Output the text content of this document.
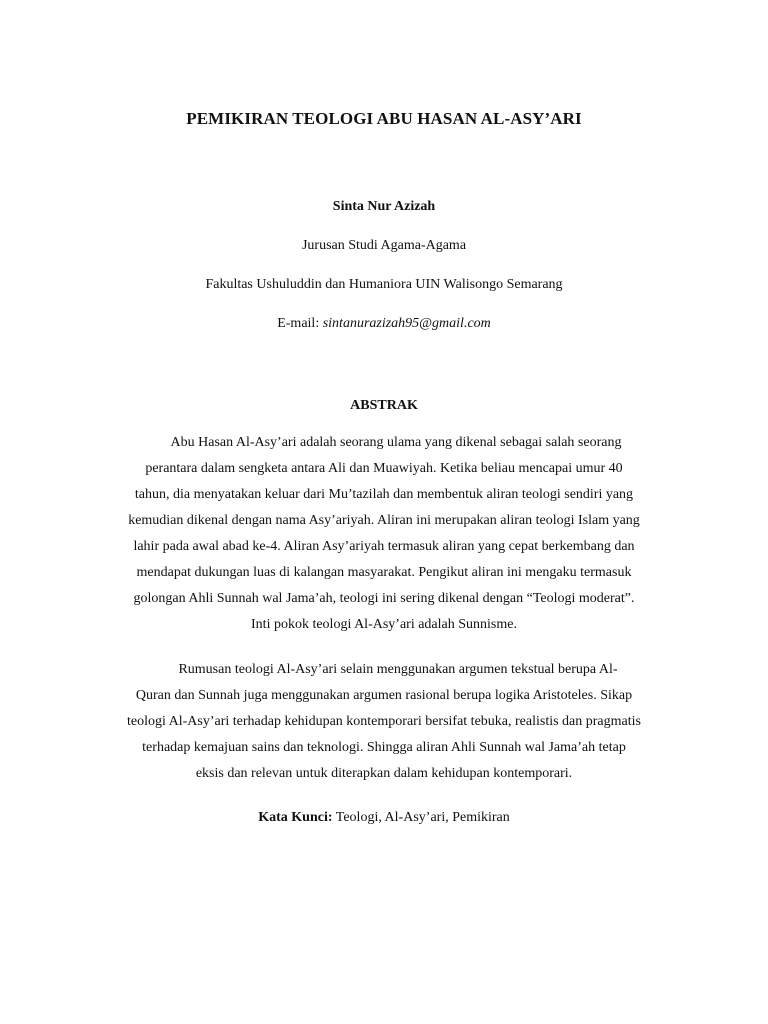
PEMIKIRAN TEOLOGI ABU HASAN AL-ASY’ARI
Sinta Nur Azizah
Jurusan Studi Agama-Agama
Fakultas Ushuluddin dan Humaniora UIN Walisongo Semarang
E-mail: sintanurazizah95@gmail.com
ABSTRAK
Abu Hasan Al-Asy’ari adalah seorang ulama yang dikenal sebagai salah seorang
perantara dalam sengketa antara Ali dan Muawiyah. Ketika beliau mencapai umur 40
tahun, dia menyatakan keluar dari Mu’tazilah dan membentuk aliran teologi sendiri yang
kemudian dikenal dengan nama Asy’ariyah. Aliran ini merupakan aliran teologi Islam yang
lahir pada awal abad ke-4. Aliran Asy’ariyah termasuk aliran yang cepat berkembang dan
mendapat dukungan luas di kalangan masyarakat. Pengikut aliran ini mengaku termasuk
golongan Ahli Sunnah wal Jama’ah, teologi ini sering dikenal dengan “Teologi moderat”.
Inti pokok teologi Al-Asy’ari adalah Sunnisme.
Rumusan teologi Al-Asy’ari selain menggunakan argumen tekstual berupa Al-
Quran dan Sunnah juga menggunakan argumen rasional berupa logika Aristoteles. Sikap
teologi Al-Asy’ari terhadap kehidupan kontemporari bersifat tebuka, realistis dan pragmatis
terhadap kemajuan sains dan teknologi. Shingga aliran Ahli Sunnah wal Jama’ah tetap
eksis dan relevan untuk diterapkan dalam kehidupan kontemporari.
Kata Kunci: Teologi, Al-Asy’ari, Pemikiran
